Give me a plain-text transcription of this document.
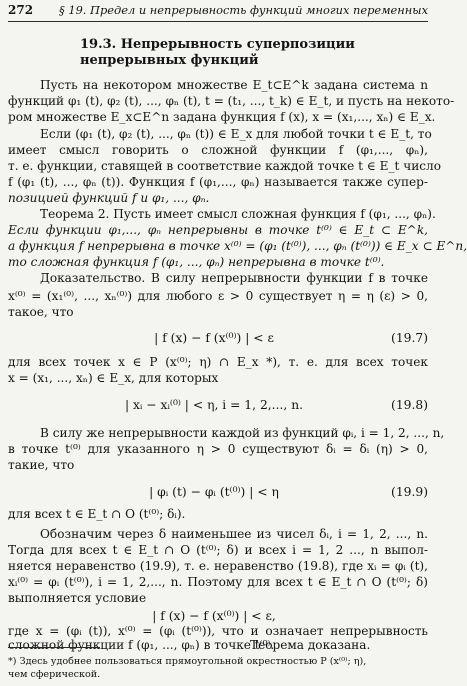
272 § 19. Предел и непрерывность функций многих переменных
19.3. Непрерывность суперпозиции
непрерывных функций
Пусть на некотором множестве E_t⊂E^k задана система n
функций φ₁ (t), φ₂ (t), ..., φₙ (t), t = (t₁, ..., t_k) ∈ E_t, и пусть на некото-
ром множестве E_x⊂E^n задана функция f (x), x = (x₁,..., xₙ) ∈ E_x.
Если (φ₁ (t), φ₂ (t), ..., φₙ (t)) ∈ E_x для любой точки t ∈ E_t, то
имеет смысл говорить о сложной функции f (φ₁,..., φₙ),
т. е. функции, ставящей в соответствие каждой точке t ∈ E_t число
f (φ₁ (t), ..., φₙ (t)). Функция f (φ₁,..., φₙ) называется также супер-
позицией функций f и φ₁, ..., φₙ.
Теорема 2. Пусть имеет смысл сложная функция f (φ₁, ..., φₙ).
Если функции φ₁,..., φₙ непрерывны в точке t⁽⁰⁾ ∈ E_t ⊂ E^k,
а функция f непрерывна в точке x⁽⁰⁾ = (φ₁ (t⁽⁰⁾), ..., φₙ (t⁽⁰⁾)) ∈ E_x ⊂ E^n,
то сложная функция f (φ₁, ..., φₙ) непрерывна в точке t⁽⁰⁾.
Доказательство. В силу непрерывности функции f в точке
x⁽⁰⁾ = (x₁⁽⁰⁾, ..., xₙ⁽⁰⁾) для любого ε > 0 существует η = η (ε) > 0,
такое, что
| f (x) − f (x⁽⁰⁾) | < ε	(19.7)
для всех точек x ∈ P (x⁽⁰⁾; η) ∩ E_x *), т. е. для всех точек
x = (x₁, ..., xₙ) ∈ E_x, для которых
| xᵢ − xᵢ⁽⁰⁾ | < η, i = 1, 2,..., n.	(19.8)
В силу же непрерывности каждой из функций φᵢ, i = 1, 2, ..., n,
в точке t⁽⁰⁾ для указанного η > 0 существуют δᵢ = δᵢ (η) > 0,
такие, что
| φᵢ (t) − φᵢ (t⁽⁰⁾) | < η	(19.9)
для всех t ∈ E_t ∩ O (t⁽⁰⁾; δᵢ).
Обозначим через δ наименьшее из чисел δᵢ, i = 1, 2, ..., n.
Тогда для всех t ∈ E_t ∩ O (t⁽⁰⁾; δ) и всех i = 1, 2 ..., n выпол-
няется неравенство (19.9), т. е. неравенство (19.8), где xᵢ = φᵢ (t),
xᵢ⁽⁰⁾ = φᵢ (t⁽⁰⁾), i = 1, 2,..., n. Поэтому для всех t ∈ E_t ∩ O (t⁽⁰⁾; δ)
выполняется условие
| f (x) − f (x⁽⁰⁾) | < ε,
где x = (φᵢ (t)), x⁽⁰⁾ = (φᵢ (t⁽⁰⁾)), что и означает непрерывность
сложной функции f (φ₁, ..., φₙ) в точке t⁽⁰⁾.
Теорема доказана.
*) Здесь удобнее пользоваться прямоугольной окрестностью P (x⁽⁰⁾; η),
чем сферической.
